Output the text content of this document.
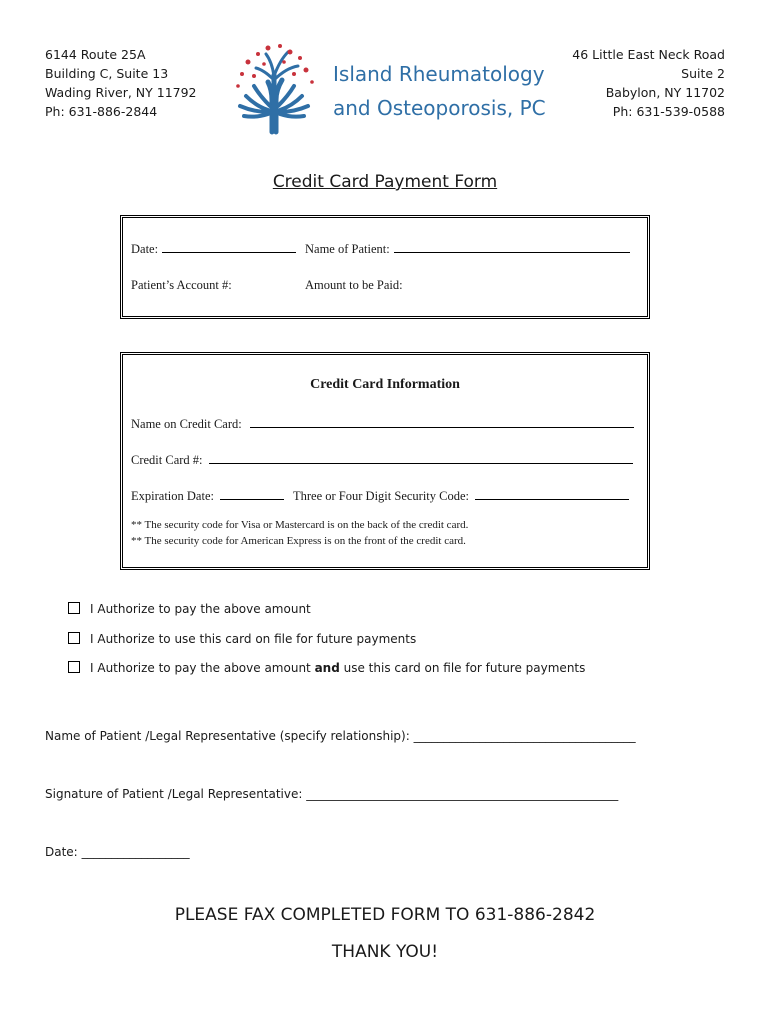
6144 Route 25A
Building C, Suite 13
Wading River, NY 11792
Ph: 631-886-2844
46 Little East Neck Road
Suite 2
Babylon, NY 11702
Ph: 631-539-0588
Island Rheumatology
and Osteoporosis, PC
Credit Card Payment Form
Date:	Name of Patient:
Patient’s Account #:	Amount to be Paid:
Credit Card Information
Name on Credit Card:
Credit Card #:
Expiration Date:	Three or Four Digit Security Code:
** The security code for Visa or Mastercard is on the back of the credit card.
** The security code for American Express is on the front of the credit card.
I Authorize to pay the above amount
I Authorize to use this card on file for future payments
I Authorize to pay the above amount and use this card on file for future payments
Name of Patient /Legal Representative (specify relationship): _____________________________________
Signature of Patient /Legal Representative: ____________________________________________________
Date: __________________
PLEASE FAX COMPLETED FORM TO 631-886-2842
THANK YOU!
